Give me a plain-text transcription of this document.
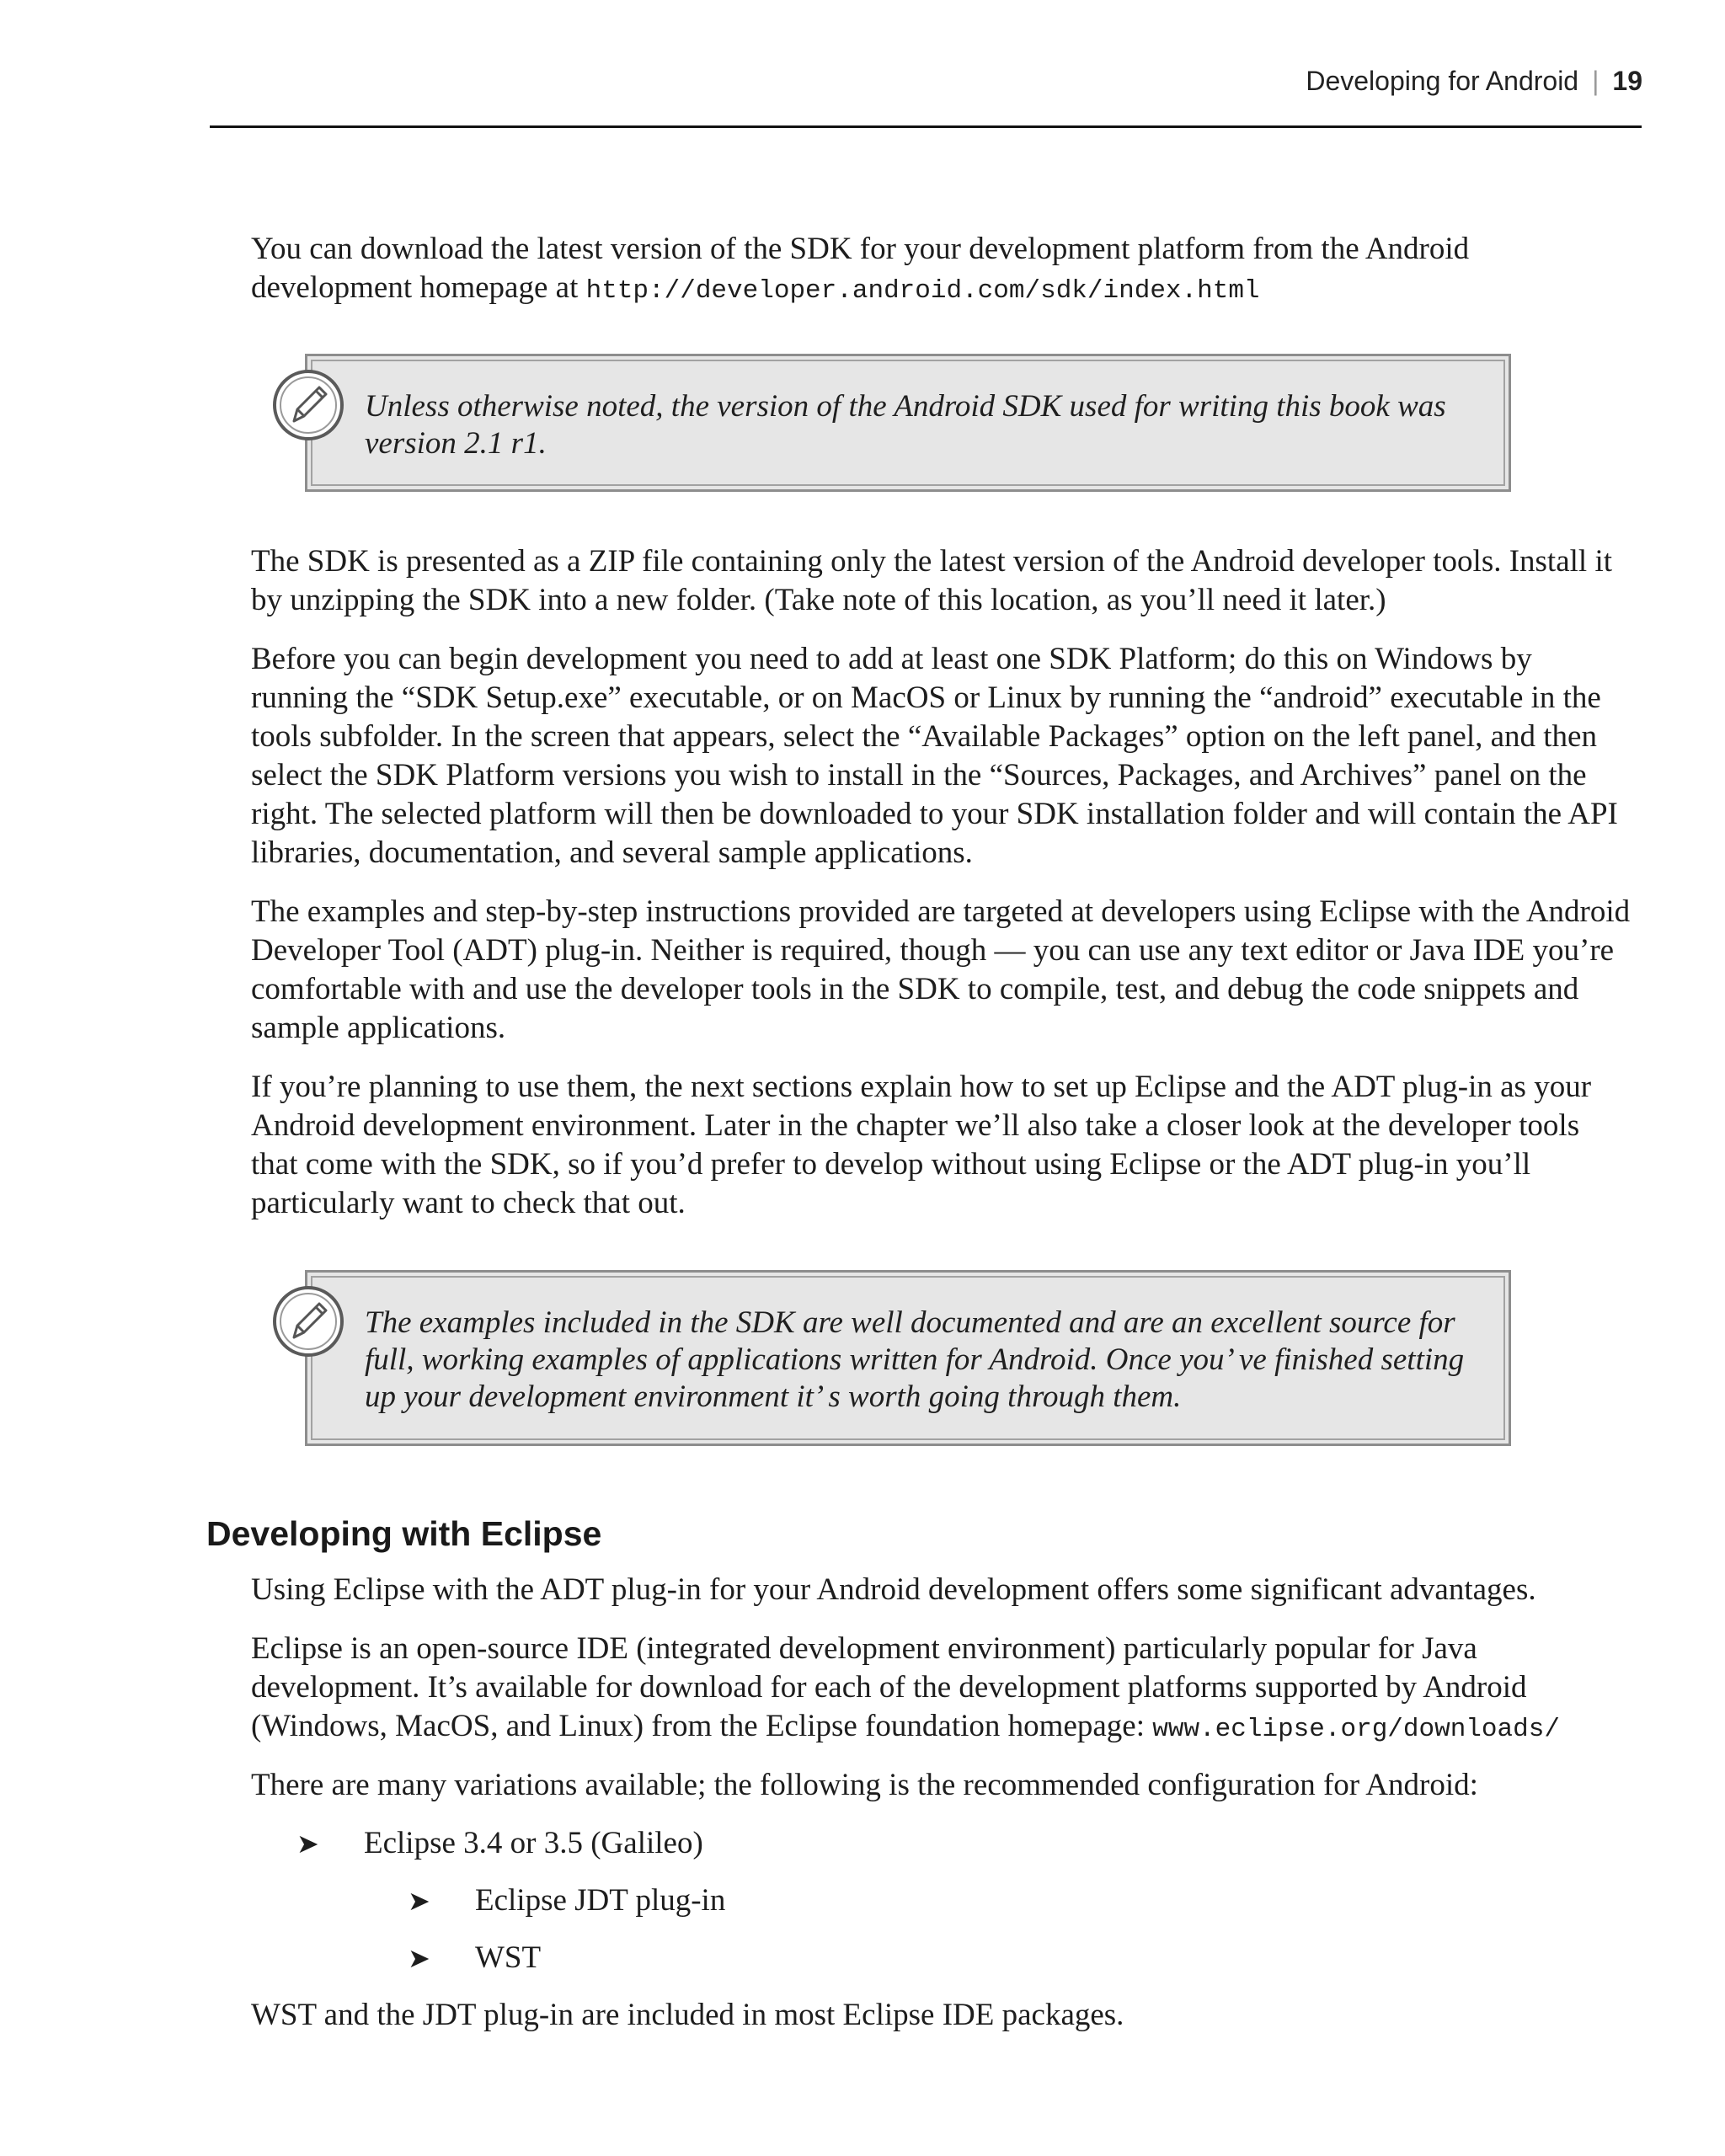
Developing for Android | 19

You can download the latest version of the SDK for your development platform from the Android development homepage at http://developer.android.com/sdk/index.html

Unless otherwise noted, the version of the Android SDK used for writing this book was version 2.1 r1.

The SDK is presented as a ZIP file containing only the latest version of the Android developer tools. Install it by unzipping the SDK into a new folder. (Take note of this location, as you’ll need it later.)

Before you can begin development you need to add at least one SDK Platform; do this on Windows by running the “SDK Setup.exe” executable, or on MacOS or Linux by running the “android” executable in the tools subfolder. In the screen that appears, select the “Available Packages” option on the left panel, and then select the SDK Platform versions you wish to install in the “Sources, Packages, and Archives” panel on the right. The selected platform will then be downloaded to your SDK installation folder and will contain the API libraries, documentation, and several sample applications.

The examples and step-by-step instructions provided are targeted at developers using Eclipse with the Android Developer Tool (ADT) plug-in. Neither is required, though — you can use any text editor or Java IDE you’re comfortable with and use the developer tools in the SDK to compile, test, and debug the code snippets and sample applications.

If you’re planning to use them, the next sections explain how to set up Eclipse and the ADT plug-in as your Android development environment. Later in the chapter we’ll also take a closer look at the developer tools that come with the SDK, so if you’d prefer to develop without using Eclipse or the ADT plug-in you’ll particularly want to check that out.

The examples included in the SDK are well documented and are an excellent source for full, working examples of applications written for Android. Once you’ ve finished setting up your development environment it’ s worth going through them.

Developing with Eclipse

Using Eclipse with the ADT plug-in for your Android development offers some significant advantages.

Eclipse is an open-source IDE (integrated development environment) particularly popular for Java development. It’s available for download for each of the development platforms supported by Android (Windows, MacOS, and Linux) from the Eclipse foundation homepage: www.eclipse.org/downloads/

There are many variations available; the following is the recommended configuration for Android:

➤ Eclipse 3.4 or 3.5 (Galileo)
➤ Eclipse JDT plug-in
➤ WST

WST and the JDT plug-in are included in most Eclipse IDE packages.
